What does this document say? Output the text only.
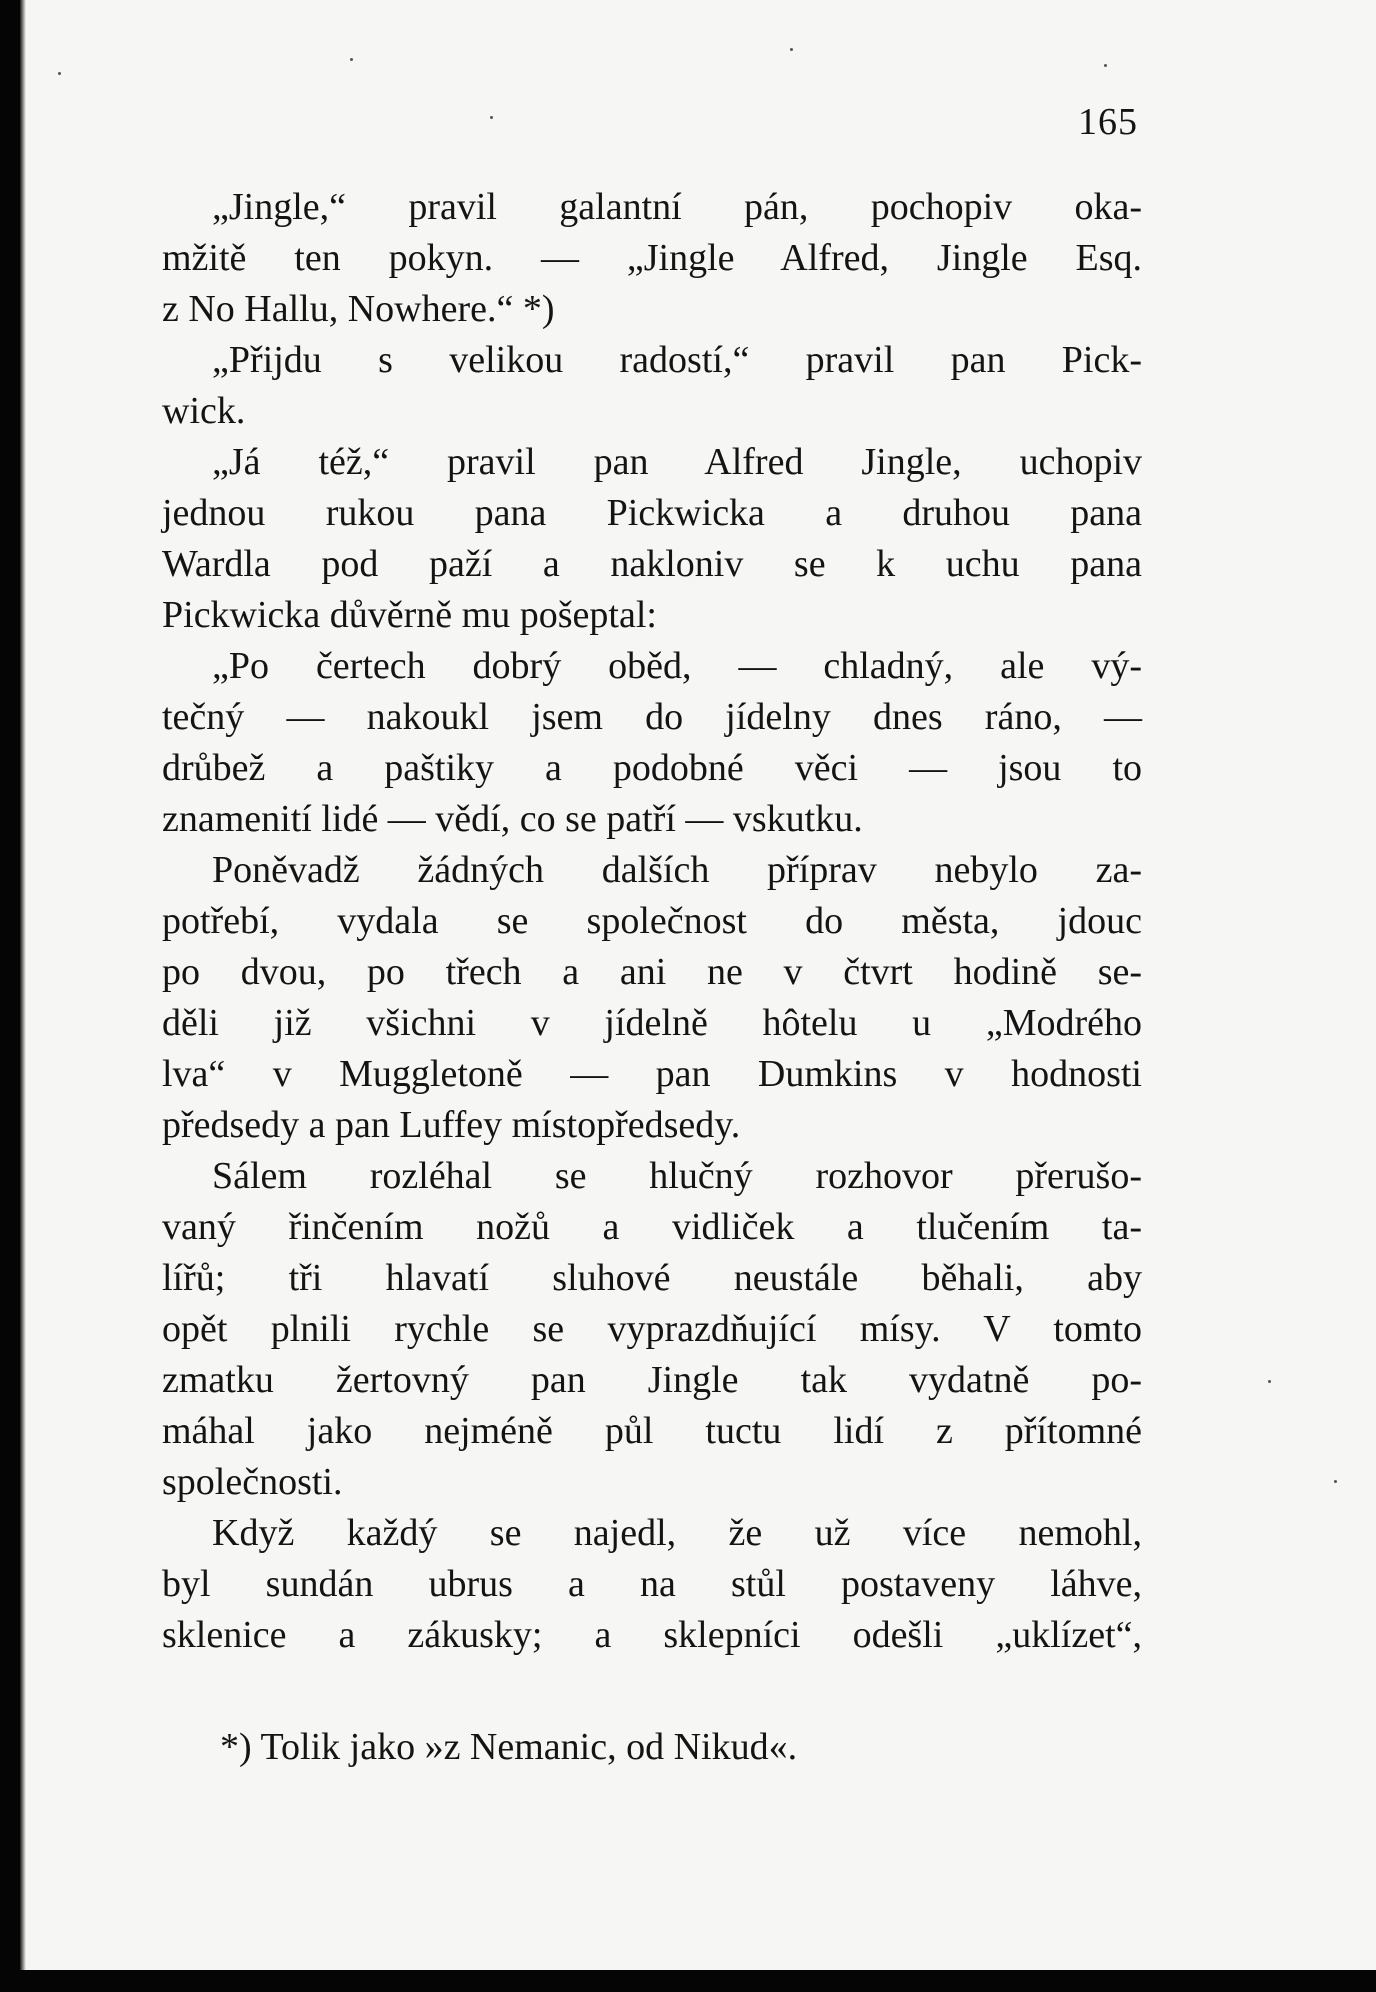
165
„Jingle,“ pravil galantní pán, pochopiv oka-
mžitě ten pokyn. — „Jingle Alfred, Jingle Esq.
z No Hallu, Nowhere.“ *)
„Přijdu s velikou radostí,“ pravil pan Pick-
wick.
„Já též,“ pravil pan Alfred Jingle, uchopiv
jednou rukou pana Pickwicka a druhou pana
Wardla pod paží a nakloniv se k uchu pana
Pickwicka důvěrně mu pošeptal:
„Po čertech dobrý oběd, — chladný, ale vý-
tečný — nakoukl jsem do jídelny dnes ráno, —
drůbež a paštiky a podobné věci — jsou to
znamenití lidé — vědí, co se patří — vskutku.
Poněvadž žádných dalších příprav nebylo za-
potřebí, vydala se společnost do města, jdouc
po dvou, po třech a ani ne v čtvrt hodině se-
děli již všichni v jídelně hôtelu u „Modrého
lva“ v Muggletoně — pan Dumkins v hodnosti
předsedy a pan Luffey místopředsedy.
Sálem rozléhal se hlučný rozhovor přerušo-
vaný řinčením nožů a vidliček a tlučením ta-
lířů; tři hlavatí sluhové neustále běhali, aby
opět plnili rychle se vyprazdňující mísy. V tomto
zmatku žertovný pan Jingle tak vydatně po-
máhal jako nejméně půl tuctu lidí z přítomné
společnosti.
Když každý se najedl, že už více nemohl,
byl sundán ubrus a na stůl postaveny láhve,
sklenice a zákusky; a sklepníci odešli „uklízet“,
*) Tolik jako »z Nemanic, od Nikud«.
